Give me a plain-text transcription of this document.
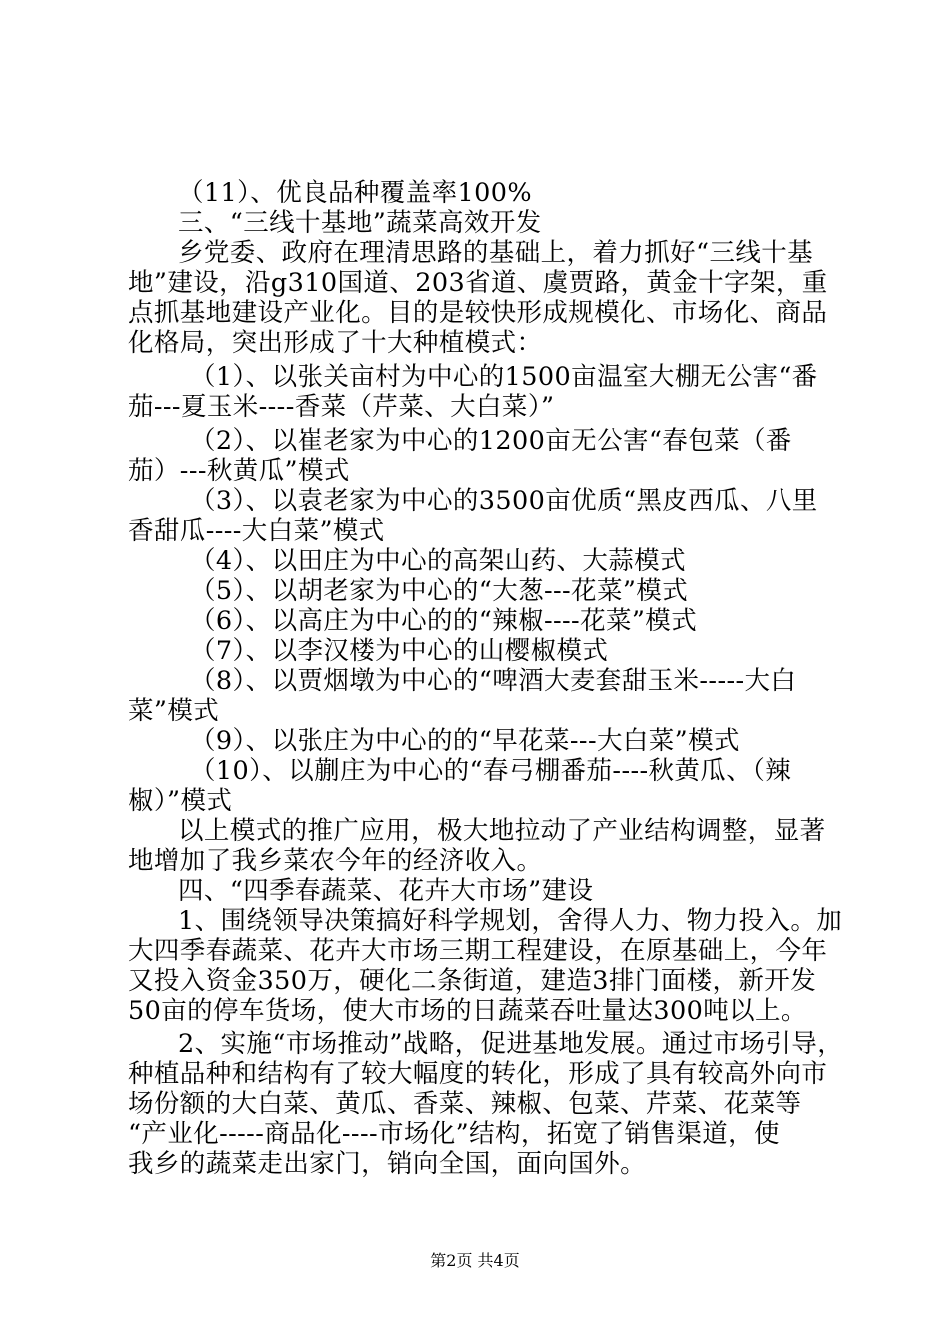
（11）、优良品种覆盖率100%
三、“三线十基地”蔬菜高效开发
乡党委、政府在理清思路的基础上，着力抓好“三线十基
地”建设，沿g310国道、203省道、虞贾路，黄金十字架，重
点抓基地建设产业化。目的是较快形成规模化、市场化、商品
化格局，突出形成了十大种植模式：
（1）、以张关亩村为中心的1500亩温室大棚无公害“番
茄---夏玉米----香菜（芹菜、大白菜）”
（2）、以崔老家为中心的1200亩无公害“春包菜（番
茄）---秋黄瓜”模式
（3）、以袁老家为中心的3500亩优质“黑皮西瓜、八里
香甜瓜----大白菜”模式
（4）、以田庄为中心的高架山药、大蒜模式
（5）、以胡老家为中心的“大葱---花菜”模式
（6）、以高庄为中心的的“辣椒----花菜”模式
（7）、以李汉楼为中心的山樱椒模式
（8）、以贾烟墩为中心的“啤酒大麦套甜玉米-----大白
菜”模式
（9）、以张庄为中心的的“早花菜---大白菜”模式
（10）、以蒯庄为中心的“春弓棚番茄----秋黄瓜、（辣
椒）”模式
以上模式的推广应用，极大地拉动了产业结构调整，显著
地增加了我乡菜农今年的经济收入。
四、“四季春蔬菜、花卉大市场”建设
1、围绕领导决策搞好科学规划，舍得人力、物力投入。加
大四季春蔬菜、花卉大市场三期工程建设，在原基础上，今年
又投入资金350万，硬化二条街道，建造3排门面楼，新开发
50亩的停车货场，使大市场的日蔬菜吞吐量达300吨以上。
2、实施“市场推动”战略，促进基地发展。通过市场引导，
种植品种和结构有了较大幅度的转化，形成了具有较高外向市
场份额的大白菜、黄瓜、香菜、辣椒、包菜、芹菜、花菜等
“产业化-----商品化----市场化”结构，拓宽了销售渠道，使
我乡的蔬菜走出家门，销向全国，面向国外。
第2页 共4页
